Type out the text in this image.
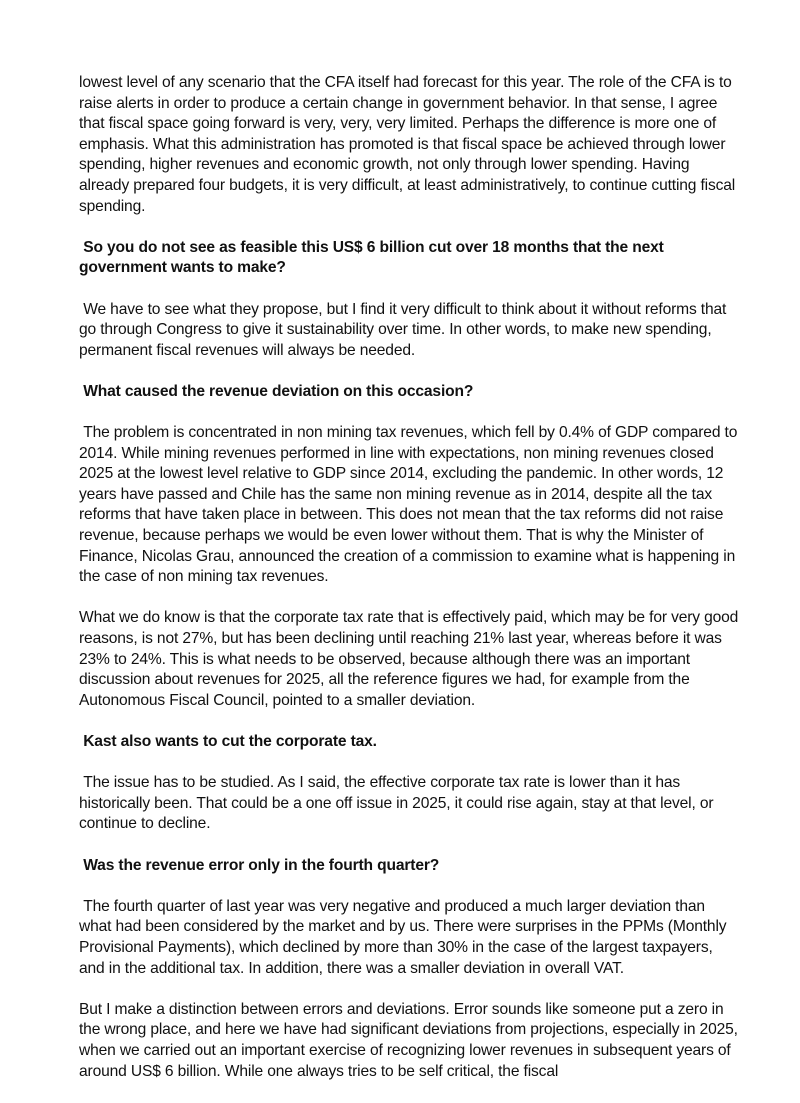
lowest level of any scenario that the CFA itself had forecast for this year. The role of the CFA is to raise alerts in order to produce a certain change in government behavior. In that sense, I agree that fiscal space going forward is very, very, very limited. Perhaps the difference is more one of emphasis. What this administration has promoted is that fiscal space be achieved through lower spending, higher revenues and economic growth, not only through lower spending. Having already prepared four budgets, it is very difficult, at least administratively, to continue cutting fiscal spending.

So you do not see as feasible this US$ 6 billion cut over 18 months that the next government wants to make?

We have to see what they propose, but I find it very difficult to think about it without reforms that go through Congress to give it sustainability over time. In other words, to make new spending, permanent fiscal revenues will always be needed.

What caused the revenue deviation on this occasion?

The problem is concentrated in non mining tax revenues, which fell by 0.4% of GDP compared to 2014. While mining revenues performed in line with expectations, non mining revenues closed 2025 at the lowest level relative to GDP since 2014, excluding the pandemic. In other words, 12 years have passed and Chile has the same non mining revenue as in 2014, despite all the tax reforms that have taken place in between. This does not mean that the tax reforms did not raise revenue, because perhaps we would be even lower without them. That is why the Minister of Finance, Nicolas Grau, announced the creation of a commission to examine what is happening in the case of non mining tax revenues.

What we do know is that the corporate tax rate that is effectively paid, which may be for very good reasons, is not 27%, but has been declining until reaching 21% last year, whereas before it was 23% to 24%. This is what needs to be observed, because although there was an important discussion about revenues for 2025, all the reference figures we had, for example from the Autonomous Fiscal Council, pointed to a smaller deviation.

Kast also wants to cut the corporate tax.

The issue has to be studied. As I said, the effective corporate tax rate is lower than it has historically been. That could be a one off issue in 2025, it could rise again, stay at that level, or continue to decline.

Was the revenue error only in the fourth quarter?

The fourth quarter of last year was very negative and produced a much larger deviation than what had been considered by the market and by us. There were surprises in the PPMs (Monthly Provisional Payments), which declined by more than 30% in the case of the largest taxpayers, and in the additional tax. In addition, there was a smaller deviation in overall VAT.

But I make a distinction between errors and deviations. Error sounds like someone put a zero in the wrong place, and here we have had significant deviations from projections, especially in 2025, when we carried out an important exercise of recognizing lower revenues in subsequent years of around US$ 6 billion. While one always tries to be self critical, the fiscal
